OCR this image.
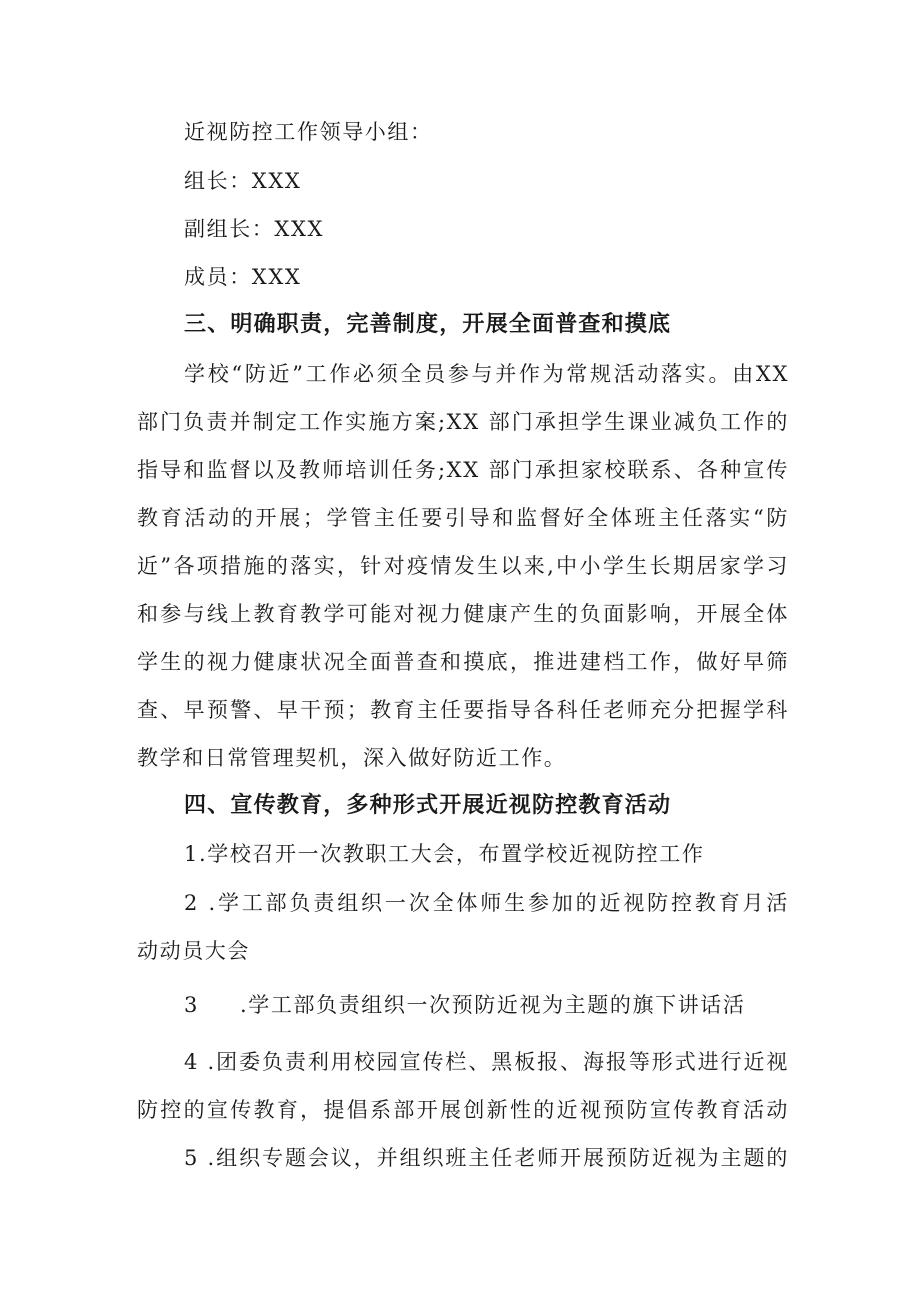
近视防控工作领导小组：
组长：XXX
副组长：XXX
成员：XXX
三、明确职责，完善制度，开展全面普查和摸底
学校“防近”工作必须全员参与并作为常规活动落实。由XX
部门负责并制定工作实施方案;XX 部门承担学生课业减负工作的
指导和监督以及教师培训任务;XX 部门承担家校联系、各种宣传
教育活动的开展；学管主任要引导和监督好全体班主任落实“防
近”各项措施的落实，针对疫情发生以来,中小学生长期居家学习
和参与线上教育教学可能对视力健康产生的负面影响，开展全体
学生的视力健康状况全面普查和摸底，推进建档工作，做好早筛
查、早预警、早干预；教育主任要指导各科任老师充分把握学科
教学和日常管理契机，深入做好防近工作。
四、宣传教育，多种形式开展近视防控教育活动
1.学校召开一次教职工大会，布置学校近视防控工作
2 .学工部负责组织一次全体师生参加的近视防控教育月活
动动员大会
3	.学工部负责组织一次预防近视为主题的旗下讲话活
4 .团委负责利用校园宣传栏、黑板报、海报等形式进行近视
防控的宣传教育，提倡系部开展创新性的近视预防宣传教育活动
5 .组织专题会议，并组织班主任老师开展预防近视为主题的
